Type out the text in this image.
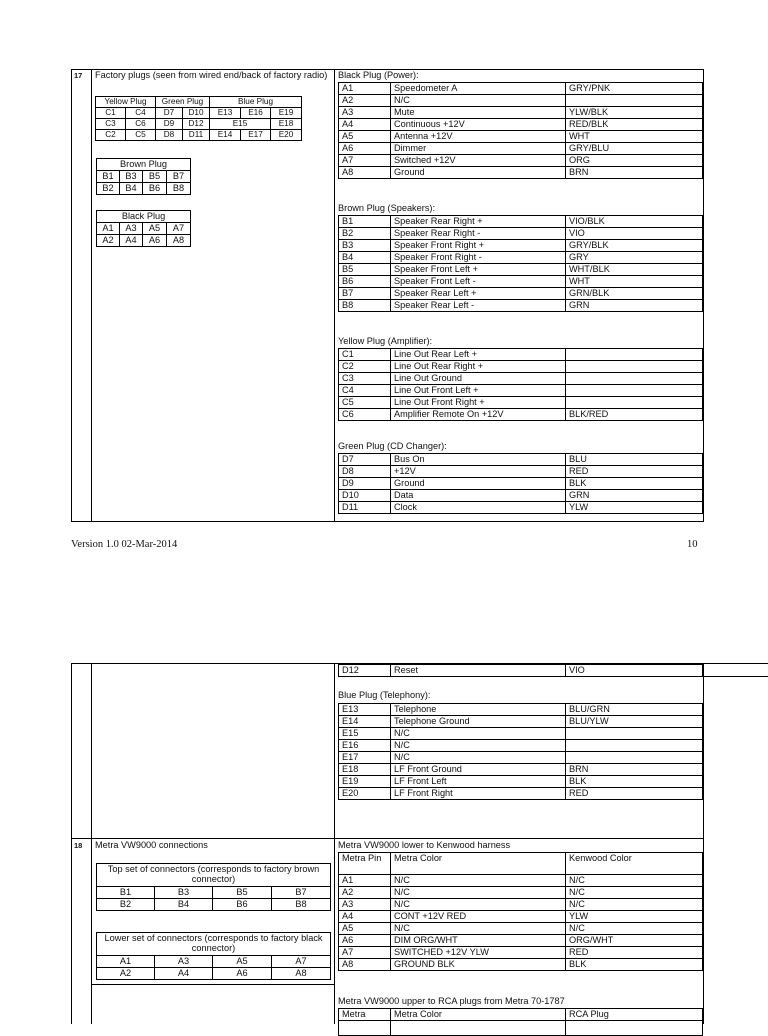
17 Factory plugs (seen from wired end/back of factory radio)
Yellow Plug		Green Plug		Blue Plug		
C1	C4	D7	D10	E13	E16	E19
C3	C6	D9	D12	E15		E18
C2	C5	D8	D11	E14	E17	E20
Brown Plug			
B1	B3	B5	B7
B2	B4	B6	B8
Black Plug			
A1	A3	A5	A7
A2	A4	A6	A8
Black Plug (Power):
A1	Speedometer A	GRY/PNK
A2	N/C	
A3	Mute	YLW/BLK
A4	Continuous +12V	RED/BLK
A5	Antenna +12V	WHT
A6	Dimmer	GRY/BLU
A7	Switched +12V	ORG
A8	Ground	BRN
Brown Plug (Speakers):
B1	Speaker Rear Right +	VIO/BLK
B2	Speaker Rear Right -	VIO
B3	Speaker Front Right +	GRY/BLK
B4	Speaker Front Right -	GRY
B5	Speaker Front Left +	WHT/BLK
B6	Speaker Front Left -	WHT
B7	Speaker Rear Left +	GRN/BLK
B8	Speaker Rear Left -	GRN
Yellow Plug (Amplifier):
C1	Line Out Rear Left +	
C2	Line Out Rear Right +	
C3	Line Out Ground	
C4	Line Out Front Left +	
C5	Line Out Front Right +	
C6	Amplifier Remote On +12V	BLK/RED
Green Plug (CD Changer):
D7	Bus On	BLU
D8	+12V	RED
D9	Ground	BLK
D10	Data	GRN
D11	Clock	YLW
Version 1.0 02-Mar-2014	10
D12	Reset	VIO
Blue Plug (Telephony):
E13	Telephone	BLU/GRN
E14	Telephone Ground	BLU/YLW
E15	N/C	
E16	N/C	
E17	N/C	
E18	LF Front Ground	BRN
E19	LF Front Left	BLK
E20	LF Front Right	RED
18 Metra VW9000 connections
Top set of connectors (corresponds to factory brown connector)			
B1	B3	B5	B7
B2	B4	B6	B8
Lower set of connectors (corresponds to factory black connector)			
A1	A3	A5	A7
A2	A4	A6	A8
Metra VW9000 lower to Kenwood harness
Metra Pin	Metra Color	Kenwood Color
A1	N/C	N/C
A2	N/C	N/C
A3	N/C	N/C
A4	CONT +12V RED	YLW
A5	N/C	N/C
A6	DIM ORG/WHT	ORG/WHT
A7	SWITCHED +12V YLW	RED
A8	GROUND BLK	BLK
Metra VW9000 upper to RCA plugs from Metra 70-1787
Metra	Metra Color	RCA Plug
